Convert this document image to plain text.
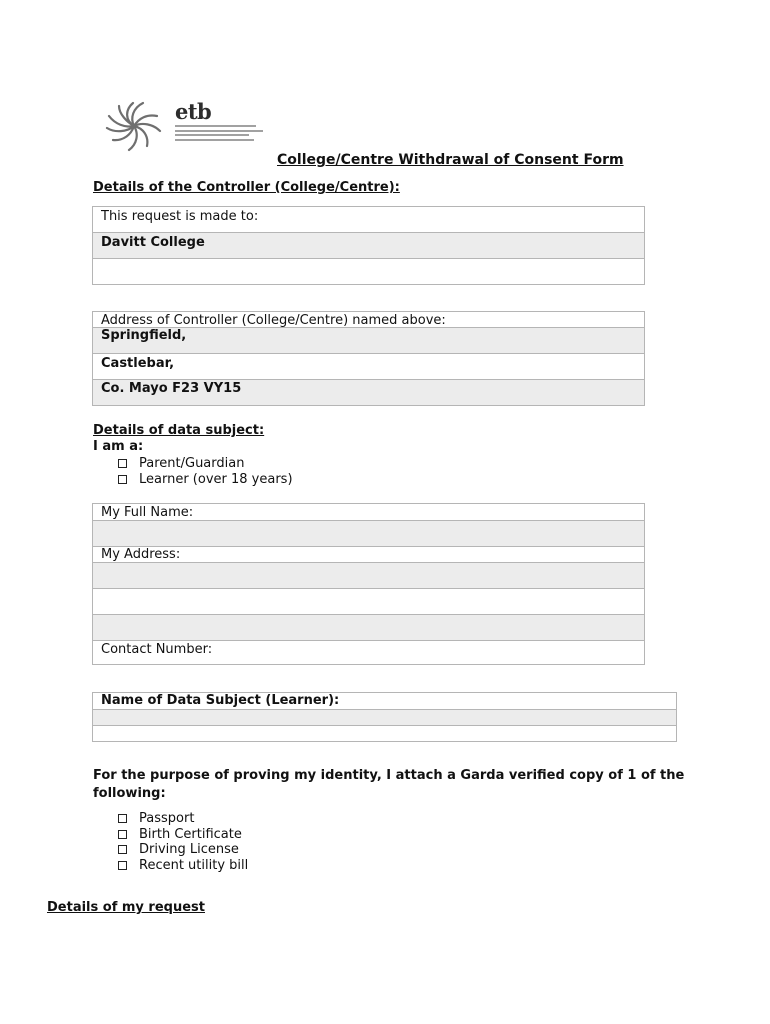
etb
College/Centre Withdrawal of Consent Form
Details of the Controller (College/Centre):
This request is made to:
Davitt College
Address of Controller (College/Centre) named above:
Springfield,
Castlebar,
Co. Mayo F23 VY15
Details of data subject:
I am a:
Parent/Guardian
Learner (over 18 years)
My Full Name:
My Address:
Contact Number:
Name of Data Subject (Learner):
For the purpose of proving my identity, I attach a Garda verified copy of 1 of the following:
Passport
Birth Certificate
Driving License
Recent utility bill
Details of my request
